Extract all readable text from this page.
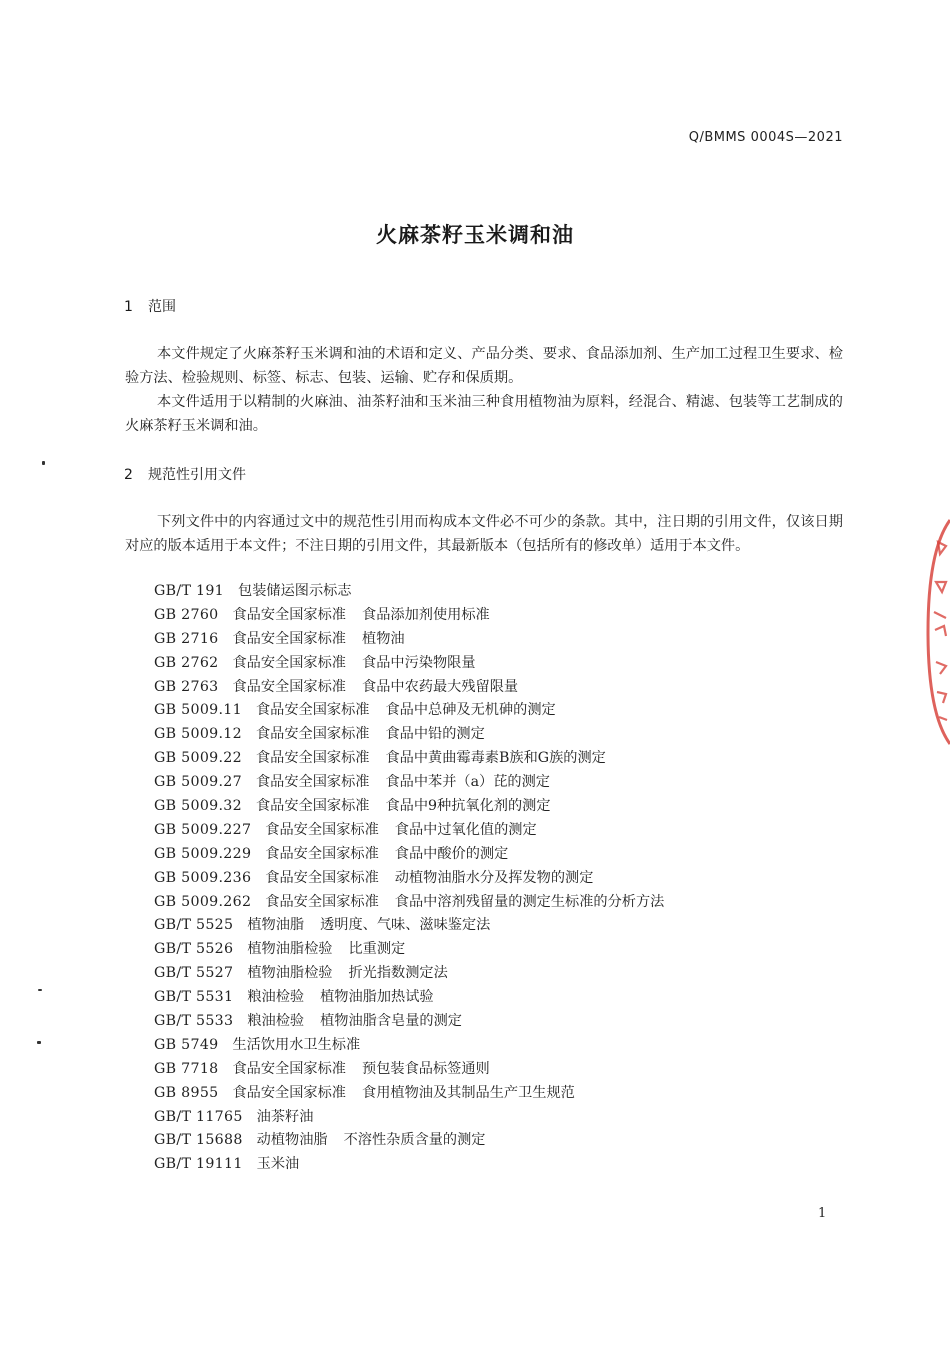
Q/BMMS 0004S—2021
火麻茶籽玉米调和油
1 范围

本文件规定了火麻茶籽玉米调和油的术语和定义、产品分类、要求、食品添加剂、生产加工过程卫生要求、检验方法、检验规则、标签、标志、包装、运输、贮存和保质期。

本文件适用于以精制的火麻油、油茶籽油和玉米油三种食用植物油为原料，经混合、精滤、包装等工艺制成的火麻茶籽玉米调和油。

2 规范性引用文件

下列文件中的内容通过文中的规范性引用而构成本文件必不可少的条款。其中，注日期的引用文件，仅该日期对应的版本适用于本文件；不注日期的引用文件，其最新版本（包括所有的修改单）适用于本文件。

GB/T 191 包装储运图示标志
GB 2760 食品安全国家标准 食品添加剂使用标准
GB 2716 食品安全国家标准 植物油
GB 2762 食品安全国家标准 食品中污染物限量
GB 2763 食品安全国家标准 食品中农药最大残留限量
GB 5009.11 食品安全国家标准 食品中总砷及无机砷的测定
GB 5009.12 食品安全国家标准 食品中铅的测定
GB 5009.22 食品安全国家标准 食品中黄曲霉毒素B族和G族的测定
GB 5009.27 食品安全国家标准 食品中苯并（a）芘的测定
GB 5009.32 食品安全国家标准 食品中9种抗氧化剂的测定
GB 5009.227 食品安全国家标准 食品中过氧化值的测定
GB 5009.229 食品安全国家标准 食品中酸价的测定
GB 5009.236 食品安全国家标准 动植物油脂水分及挥发物的测定
GB 5009.262 食品安全国家标准 食品中溶剂残留量的测定生标准的分析方法
GB/T 5525 植物油脂 透明度、气味、滋味鉴定法
GB/T 5526 植物油脂检验 比重测定
GB/T 5527 植物油脂检验 折光指数测定法
GB/T 5531 粮油检验 植物油脂加热试验
GB/T 5533 粮油检验 植物油脂含皂量的测定
GB 5749 生活饮用水卫生标准
GB 7718 食品安全国家标准 预包装食品标签通则
GB 8955 食品安全国家标准 食用植物油及其制品生产卫生规范
GB/T 11765 油茶籽油
GB/T 15688 动植物油脂 不溶性杂质含量的测定
GB/T 19111 玉米油
1
